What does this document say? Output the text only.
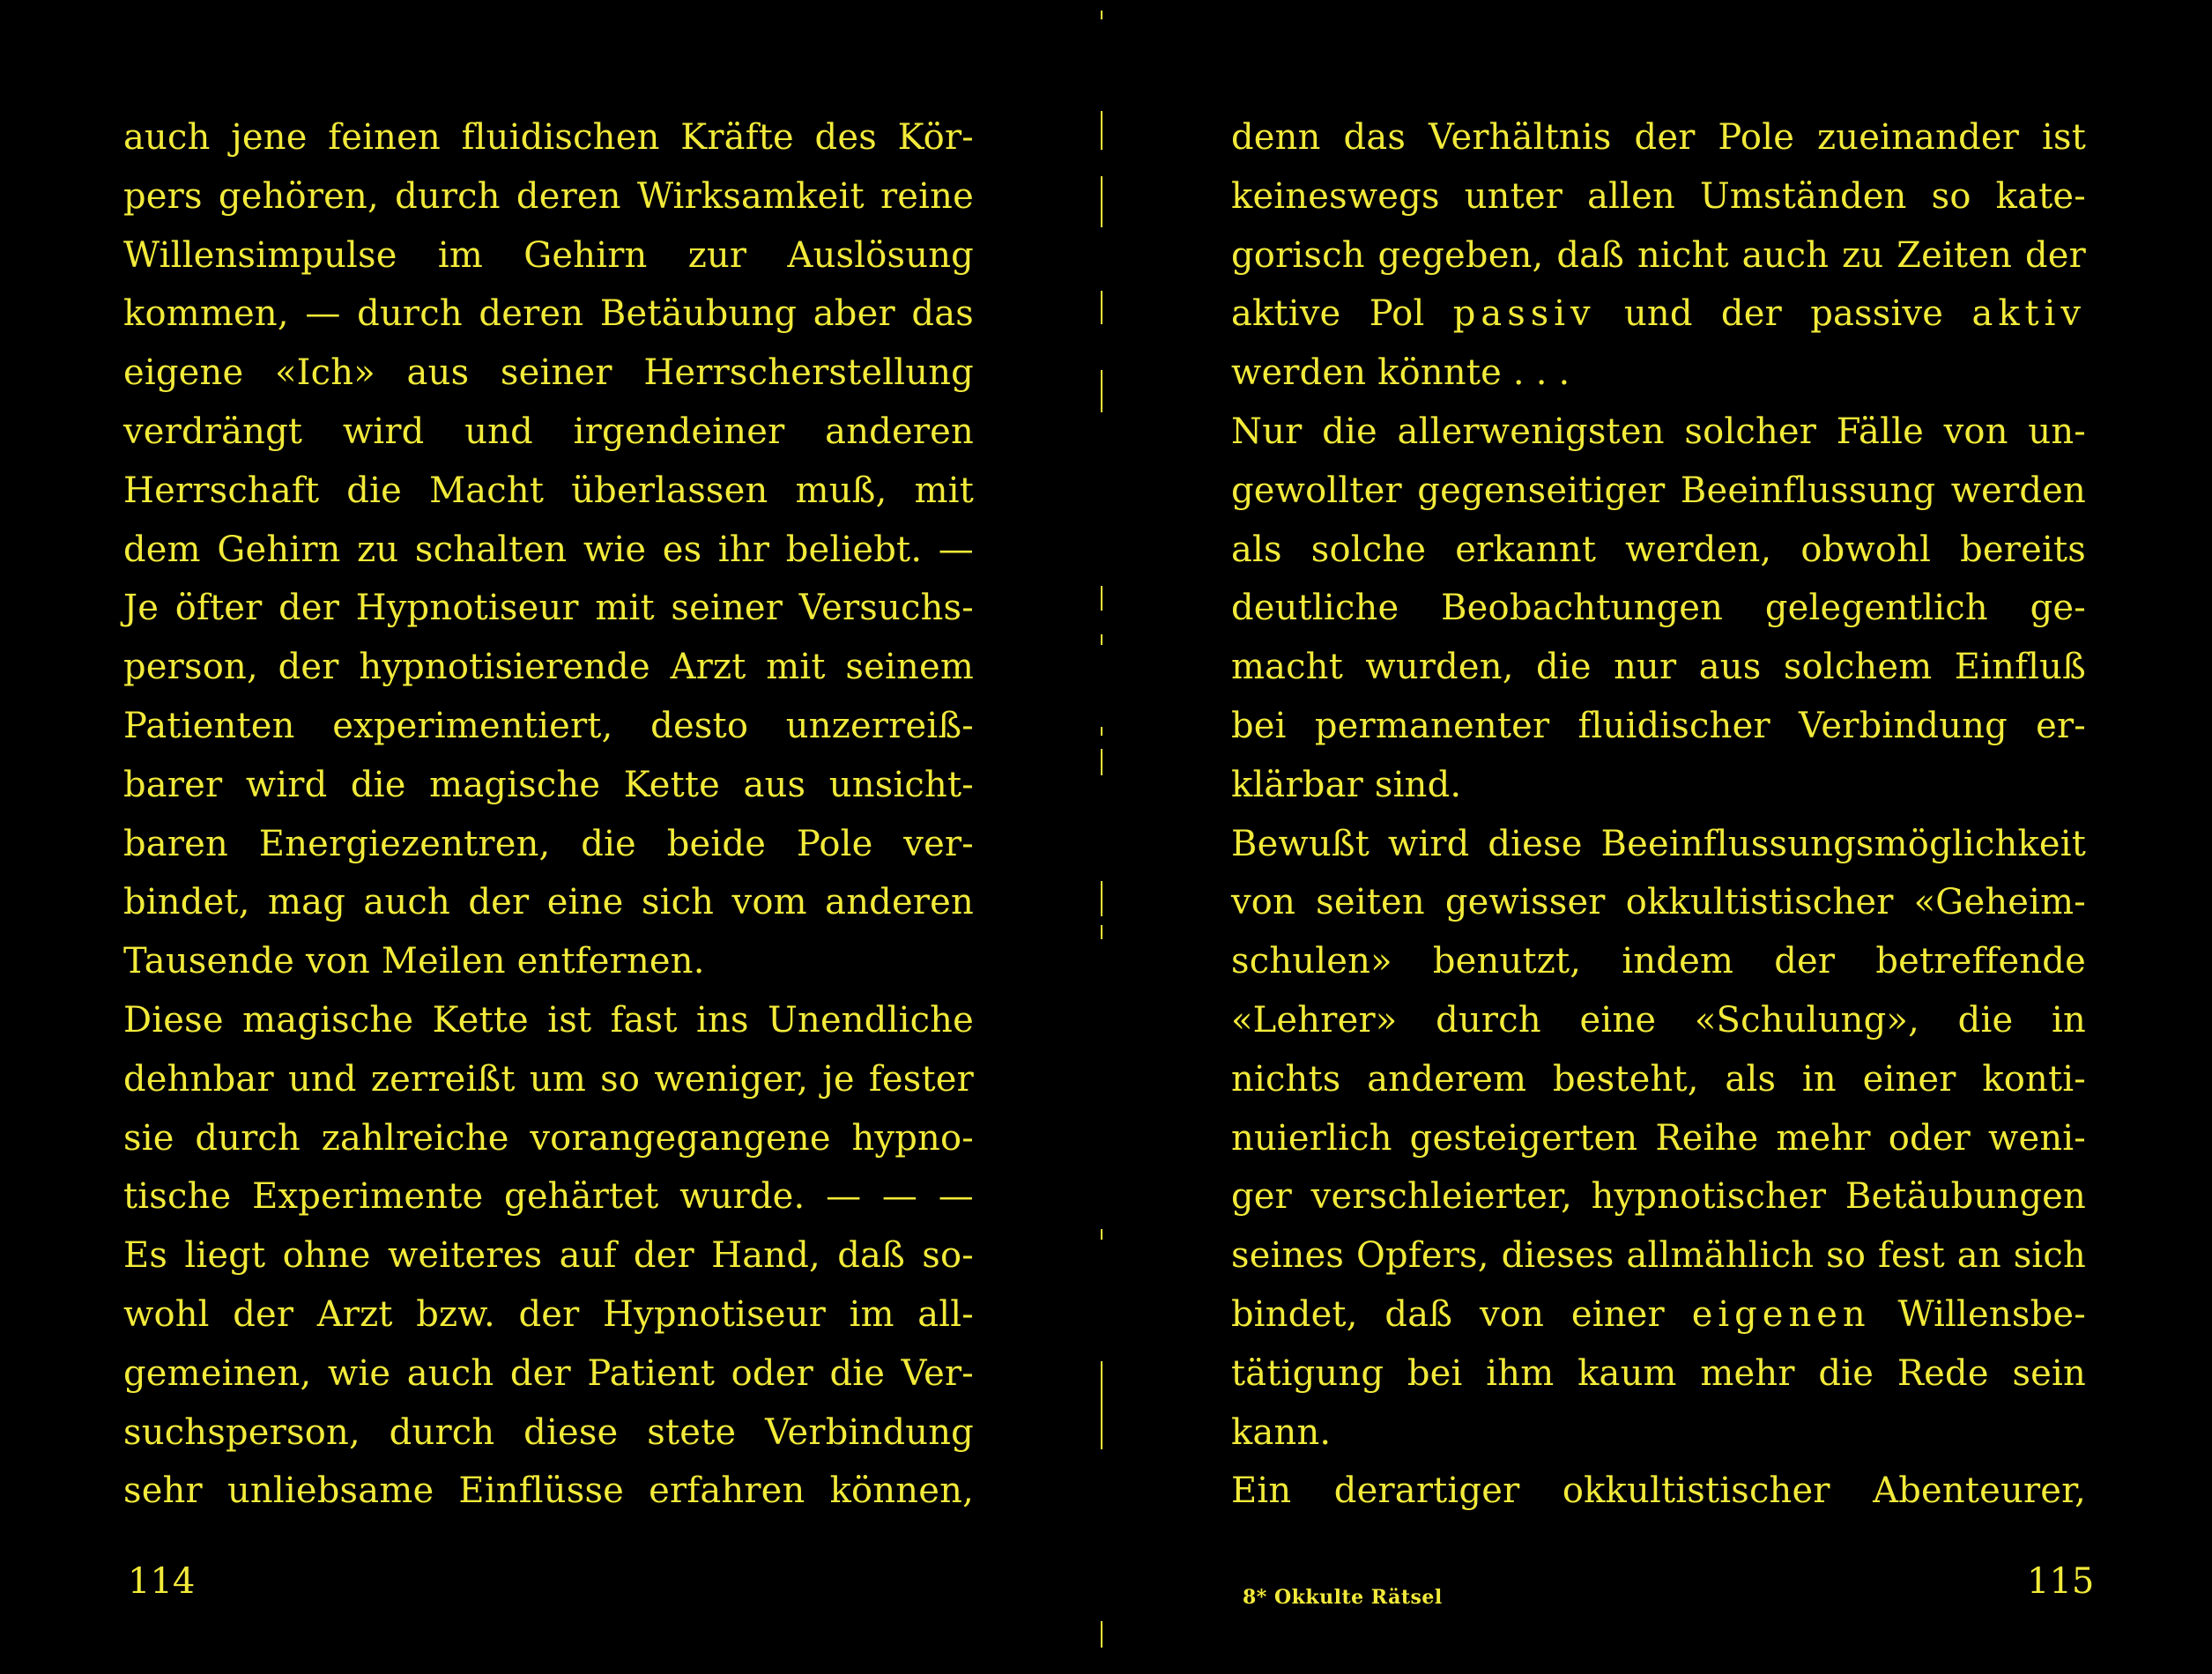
auch jene feinen fluidischen Kräfte des Kör-
pers gehören, durch deren Wirksamkeit reine
Willensimpulse im Gehirn zur Auslösung
kommen, — durch deren Betäubung aber das
eigene «Ich» aus seiner Herrscherstellung
verdrängt wird und irgendeiner anderen
Herrschaft die Macht überlassen muß, mit
dem Gehirn zu schalten wie es ihr beliebt. —
Je öfter der Hypnotiseur mit seiner Versuchs-
person, der hypnotisierende Arzt mit seinem
Patienten experimentiert, desto unzerreiß-
barer wird die magische Kette aus unsicht-
baren Energiezentren, die beide Pole ver-
bindet, mag auch der eine sich vom anderen
Tausende von Meilen entfernen.
Diese magische Kette ist fast ins Unendliche
dehnbar und zerreißt um so weniger, je fester
sie durch zahlreiche vorangegangene hypno-
tische Experimente gehärtet wurde. — — —
Es liegt ohne weiteres auf der Hand, daß so-
wohl der Arzt bzw. der Hypnotiseur im all-
gemeinen, wie auch der Patient oder die Ver-
suchsperson, durch diese stete Verbindung
sehr unliebsame Einflüsse erfahren können,
114
denn das Verhältnis der Pole zueinander ist
keineswegs unter allen Umständen so kate-
gorisch gegeben, daß nicht auch zu Zeiten der
aktive Pol passiv und der passive aktiv
werden könnte . . .
Nur die allerwenigsten solcher Fälle von un-
gewollter gegenseitiger Beeinflussung werden
als solche erkannt werden, obwohl bereits
deutliche Beobachtungen gelegentlich ge-
macht wurden, die nur aus solchem Einfluß
bei permanenter fluidischer Verbindung er-
klärbar sind.
Bewußt wird diese Beeinflussungsmöglichkeit
von seiten gewisser okkultistischer «Geheim-
schulen» benutzt, indem der betreffende
«Lehrer» durch eine «Schulung», die in
nichts anderem besteht, als in einer konti-
nuierlich gesteigerten Reihe mehr oder weni-
ger verschleierter, hypnotischer Betäubungen
seines Opfers, dieses allmählich so fest an sich
bindet, daß von einer eigenen Willensbe-
tätigung bei ihm kaum mehr die Rede sein
kann.
Ein derartiger okkultistischer Abenteurer,
8* Okkulte Rätsel	115
